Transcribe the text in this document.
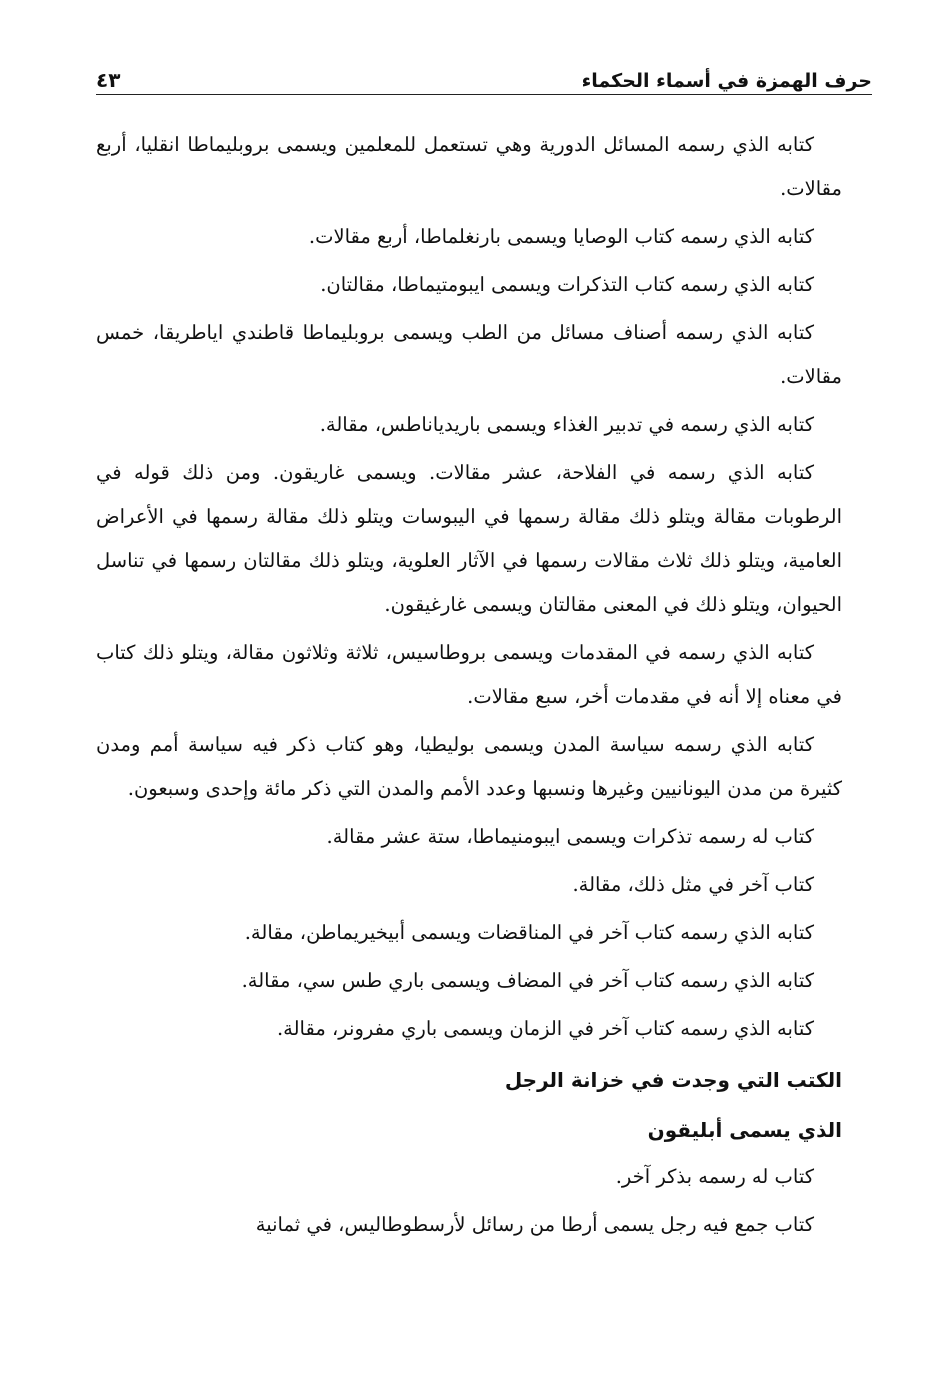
حرف الهمزة في أسماء الحكماء
٤٣

كتابه الذي رسمه المسائل الدورية وهي تستعمل للمعلمين ويسمى بروبليماطا انقليا، أربع مقالات.

كتابه الذي رسمه كتاب الوصايا ويسمى بارنغلماطا، أربع مقالات.

كتابه الذي رسمه كتاب التذكرات ويسمى ايبومتيماطا، مقالتان.

كتابه الذي رسمه أصناف مسائل من الطب ويسمى بروبليماطا قاطندي اياطريقا، خمس مقالات.

كتابه الذي رسمه في تدبير الغذاء ويسمى باريدياناطس، مقالة.

كتابه الذي رسمه في الفلاحة، عشر مقالات. ويسمى غاريقون. ومن ذلك قوله في الرطوبات مقالة ويتلو ذلك مقالة رسمها في اليبوسات ويتلو ذلك مقالة رسمها في الأعراض العامية، ويتلو ذلك ثلاث مقالات رسمها في الآثار العلوية، ويتلو ذلك مقالتان رسمها في تناسل الحيوان، ويتلو ذلك في المعنى مقالتان ويسمى غارغيقون.

كتابه الذي رسمه في المقدمات ويسمى بروطاسيس، ثلاثة وثلاثون مقالة، ويتلو ذلك كتاب في معناه إلا أنه في مقدمات أخر، سبع مقالات.

كتابه الذي رسمه سياسة المدن ويسمى بوليطيا، وهو كتاب ذكر فيه سياسة أمم ومدن كثيرة من مدن اليونانيين وغيرها ونسبها وعدد الأمم والمدن التي ذكر مائة وإحدى وسبعون.

كتاب له رسمه تذكرات ويسمى ايبومنيماطا، ستة عشر مقالة.

كتاب آخر في مثل ذلك، مقالة.

كتابه الذي رسمه كتاب آخر في المناقضات ويسمى أبيخيريماطن، مقالة.

كتابه الذي رسمه كتاب آخر في المضاف ويسمى باري طس سي، مقالة.

كتابه الذي رسمه كتاب آخر في الزمان ويسمى باري مفرونر، مقالة.

الكتب التي وجدت في خزانة الرجل
الذي يسمى أبليقون

كتاب له رسمه بذكر آخر.

كتاب جمع فيه رجل يسمى أرطا من رسائل لأرسطوطاليس، في ثمانية
